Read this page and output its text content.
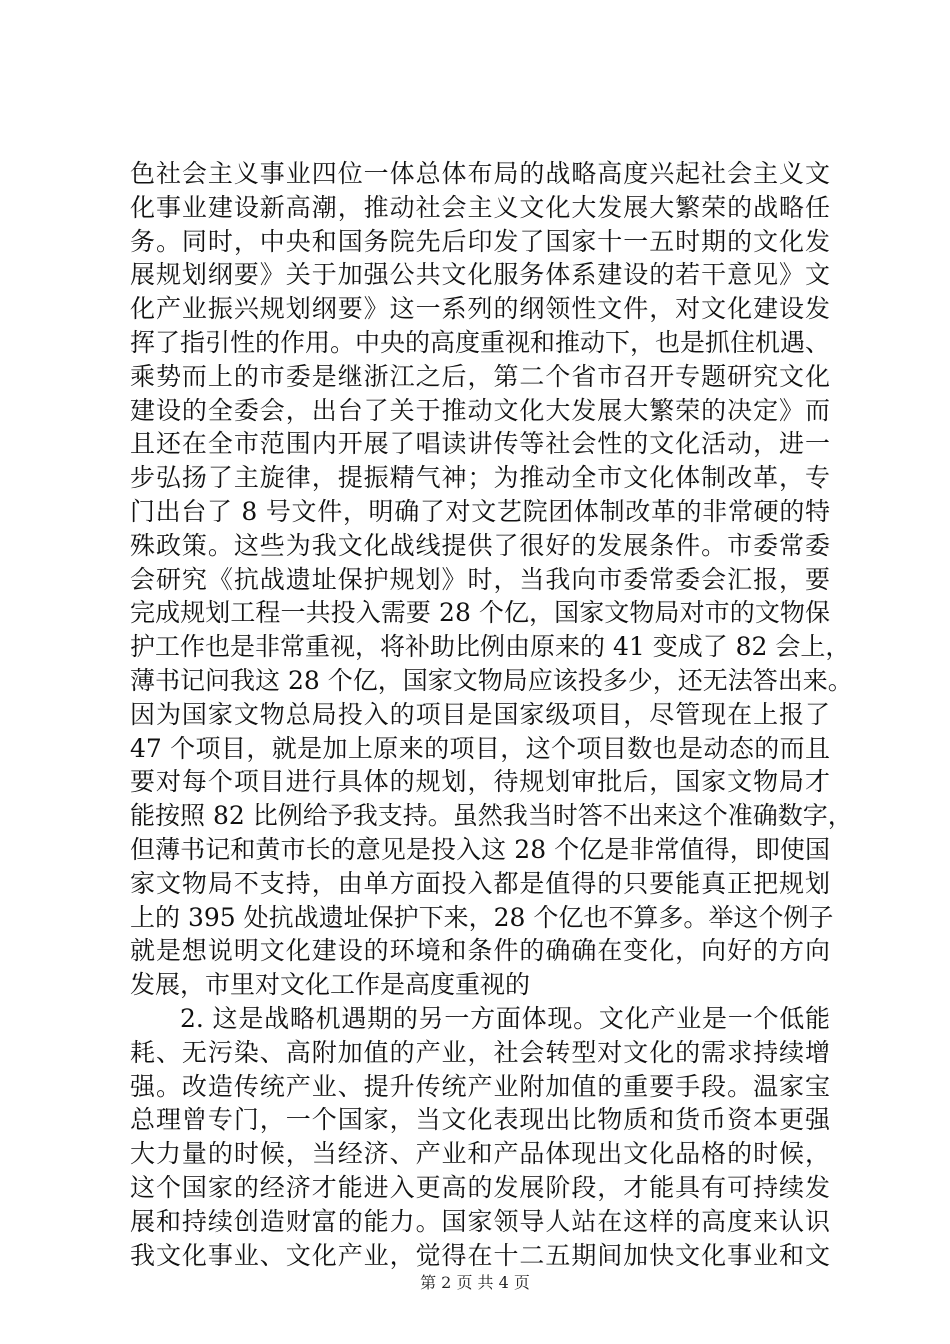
色社会主义事业四位一体总体布局的战略高度兴起社会主义文
化事业建设新高潮，推动社会主义文化大发展大繁荣的战略任
务。同时，中央和国务院先后印发了国家十一五时期的文化发
展规划纲要》关于加强公共文化服务体系建设的若干意见》文
化产业振兴规划纲要》这一系列的纲领性文件，对文化建设发
挥了指引性的作用。中央的高度重视和推动下，也是抓住机遇、
乘势而上的市委是继浙江之后，第二个省市召开专题研究文化
建设的全委会，出台了关于推动文化大发展大繁荣的决定》而
且还在全市范围内开展了唱读讲传等社会性的文化活动，进一
步弘扬了主旋律，提振精气神；为推动全市文化体制改革，专
门出台了 8 号文件，明确了对文艺院团体制改革的非常硬的特
殊政策。这些为我文化战线提供了很好的发展条件。市委常委
会研究《抗战遗址保护规划》时，当我向市委常委会汇报，要
完成规划工程一共投入需要 28 个亿，国家文物局对市的文物保
护工作也是非常重视，将补助比例由原来的 41 变成了 82 会上，
薄书记问我这 28 个亿，国家文物局应该投多少，还无法答出来。
因为国家文物总局投入的项目是国家级项目，尽管现在上报了
47 个项目，就是加上原来的项目，这个项目数也是动态的而且
要对每个项目进行具体的规划，待规划审批后，国家文物局才
能按照 82 比例给予我支持。虽然我当时答不出来这个准确数字，
但薄书记和黄市长的意见是投入这 28 个亿是非常值得，即使国
家文物局不支持，由单方面投入都是值得的只要能真正把规划
上的 395 处抗战遗址保护下来，28 个亿也不算多。举这个例子
就是想说明文化建设的环境和条件的确确在变化，向好的方向
发展，市里对文化工作是高度重视的
2. 这是战略机遇期的另一方面体现。文化产业是一个低能
耗、无污染、高附加值的产业，社会转型对文化的需求持续增
强。改造传统产业、提升传统产业附加值的重要手段。温家宝
总理曾专门，一个国家，当文化表现出比物质和货币资本更强
大力量的时候，当经济、产业和产品体现出文化品格的时候，
这个国家的经济才能进入更高的发展阶段，才能具有可持续发
展和持续创造财富的能力。国家领导人站在这样的高度来认识
我文化事业、文化产业，觉得在十二五期间加快文化事业和文
第 2 页 共 4 页
